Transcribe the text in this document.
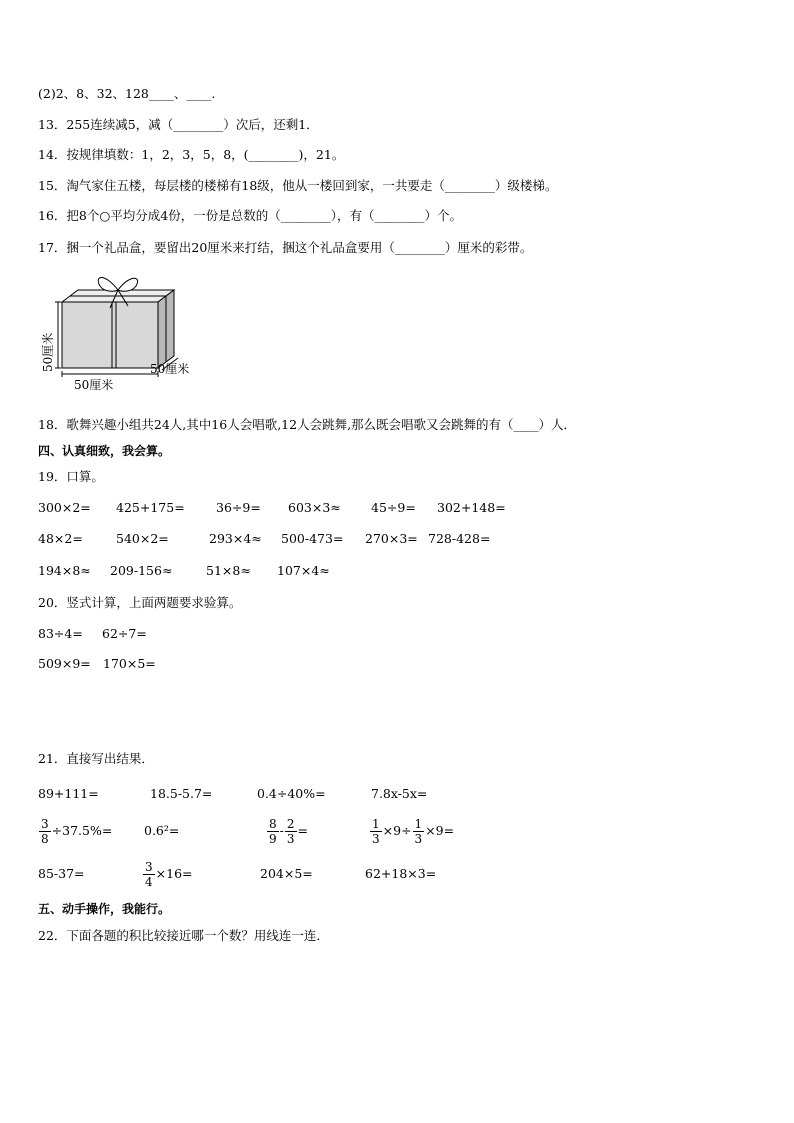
(2)2、8、32、128____、____.
13．255连续减5，减（________）次后，还剩1．
14．按规律填数：1，2，3，5，8，(________)，21。
15．淘气家住五楼，每层楼的楼梯有18级，他从一楼回到家，一共要走（________）级楼梯。
16．把8个○平均分成4份，一份是总数的（________），有（________）个。
17．捆一个礼品盒，要留出20厘米来打结，捆这个礼品盒要用（________）厘米的彩带。
50厘米
50厘米
50厘米
18．歌舞兴趣小组共24人,其中16人会唱歌,12人会跳舞,那么既会唱歌又会跳舞的有（____）人．
四、认真细致，我会算。
19．口算。
300×2= 425+175=	36÷9= 603×3≈ 45÷9= 302+148=
48×2=	540×2=	293×4≈ 500-473= 270×3= 728-428=
194×8≈ 209-156≈	51×8≈ 107×4≈
20．竖式计算，上面两题要求验算。
83÷4= 62÷7=
509×9= 170×5=
21．直接写出结果．
89+111=	18.5-5.7=	0.4÷40%=	7.8x-5x=
$\frac{3}{8} \div 37.5\%=$	0.6²=	$\frac{8}{9} - \frac{2}{3}$ =	$\frac{1}{3} \times 9\div \frac{1}{3} \times 9=$
85-37=	$\frac{3}{4} \times 16=$	204×5=	62+18×3=
五、动手操作，我能行。
22．下面各题的积比较接近哪一个数？用线连一连．
